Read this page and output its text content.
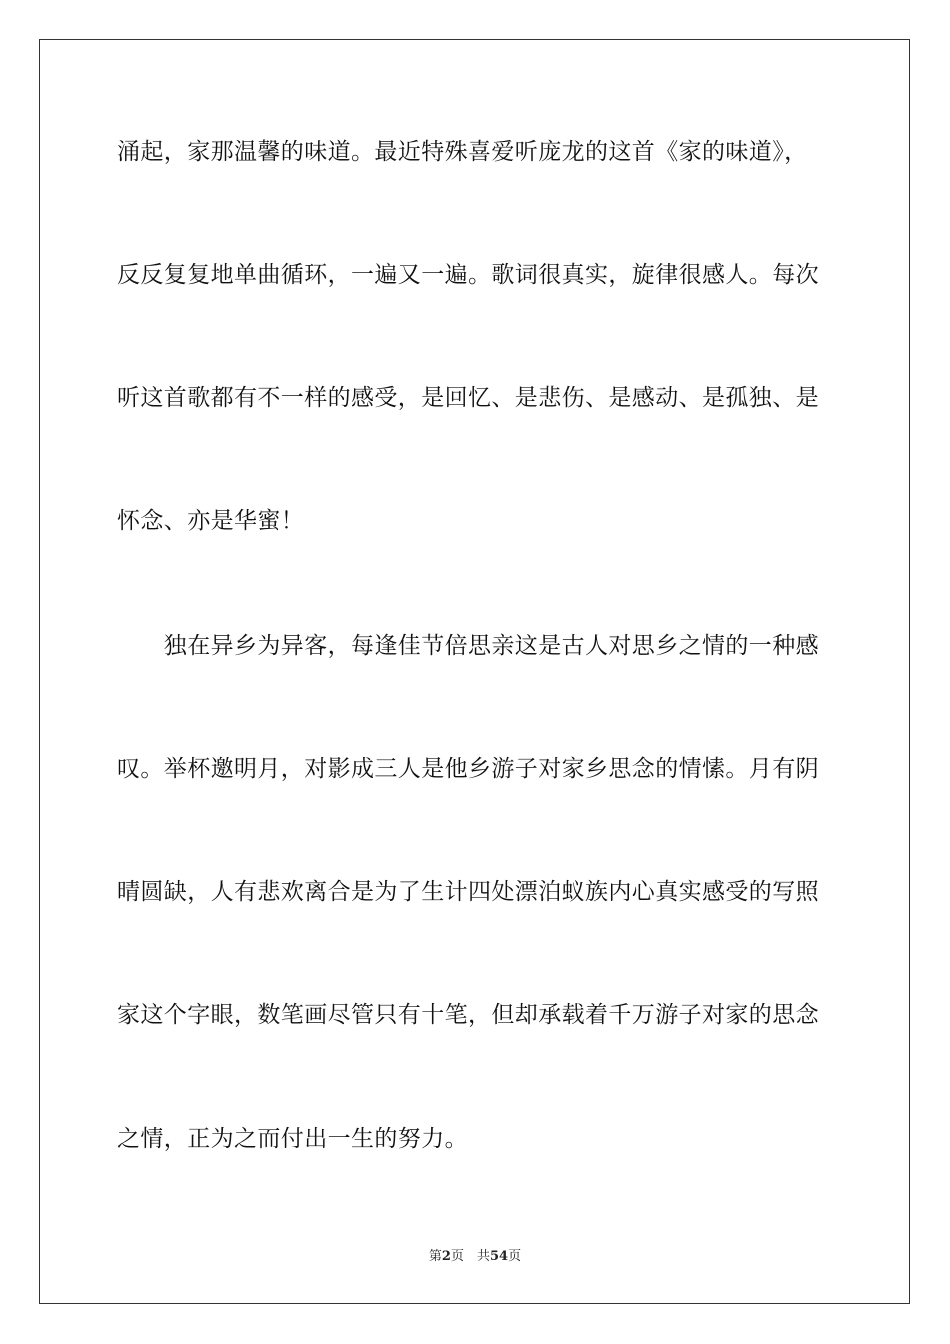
涌起，家那温馨的味道。最近特殊喜爱听庞龙的这首《家的味道》，
反反复复地单曲循环，一遍又一遍。歌词很真实，旋律很感人。每次
听这首歌都有不一样的感受，是回忆、是悲伤、是感动、是孤独、是
怀念、亦是华蜜！
　　独在异乡为异客，每逢佳节倍思亲这是古人对思乡之情的一种感
叹。举杯邀明月，对影成三人是他乡游子对家乡思念的情愫。月有阴
晴圆缺，人有悲欢离合是为了生计四处漂泊蚁族内心真实感受的写照
家这个字眼，数笔画尽管只有十笔，但却承载着千万游子对家的思念
之情，正为之而付出一生的努力。
第2页　共54页
